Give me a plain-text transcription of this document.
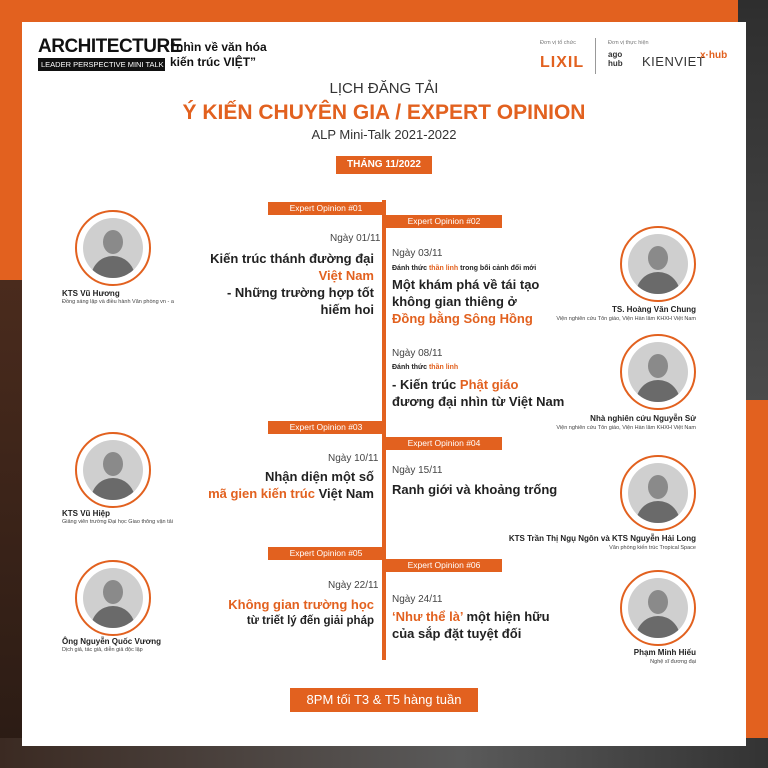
ARCHITECTURE
LEADER PERSPECTIVE MINI TALK
“nhìn về văn hóa
kiến trúc VIỆT”
Đơn vị tổ chức
LIXIL
Đơn vị thực hiện
ago
hub KIENVIET
x·hub
LỊCH ĐĂNG TẢI
Ý KIẾN CHUYÊN GIA / EXPERT OPINION
ALP Mini-Talk 2021-2022
THÁNG 11/2022
Expert Opinion #01
Ngày 01/11
Kiến trúc thánh đường đại Việt Nam
- Những trường hợp tốt hiếm hoi
Expert Opinion #02
Ngày 03/11
Đánh thức thần linh trong bối cảnh đổi mới
Một khám phá về tái tạo
không gian thiêng ở
Đồng bằng Sông Hồng
Ngày 08/11
Đánh thức thần linh
- Kiến trúc Phật giáo
đương đại nhìn từ Việt Nam
Expert Opinion #03
Ngày 10/11
Nhận diện một số
mã gien kiến trúc Việt Nam
Expert Opinion #04
Ngày 15/11
Ranh giới và khoảng trống
Expert Opinion #05
Ngày 22/11
Không gian trường học
từ triết lý đến giải pháp
Expert Opinion #06
Ngày 24/11
‘Như thể là’ một hiện hữu
của sắp đặt tuyệt đối
KTS Vũ Hương
Đồng sáng lập và điều hành Văn phòng vn - a
KTS Vũ Hiệp
Giảng viên trường Đại học Giao thông vận tải
Ông Nguyễn Quốc Vương
Dịch giả, tác giả, diễn giả độc lập
TS. Hoàng Văn Chung
Viện nghiên cứu Tôn giáo, Viện Hàn lâm KHXH Việt Nam
Nhà nghiên cứu Nguyễn Sử
Viện nghiên cứu Tôn giáo, Viện Hàn lâm KHXH Việt Nam
KTS Trần Thị Ngụ Ngôn và KTS Nguyễn Hải Long
Văn phòng kiến trúc Tropical Space
Phạm Minh Hiếu
Nghệ sĩ đương đại
8PM tối T3 & T5 hàng tuần
